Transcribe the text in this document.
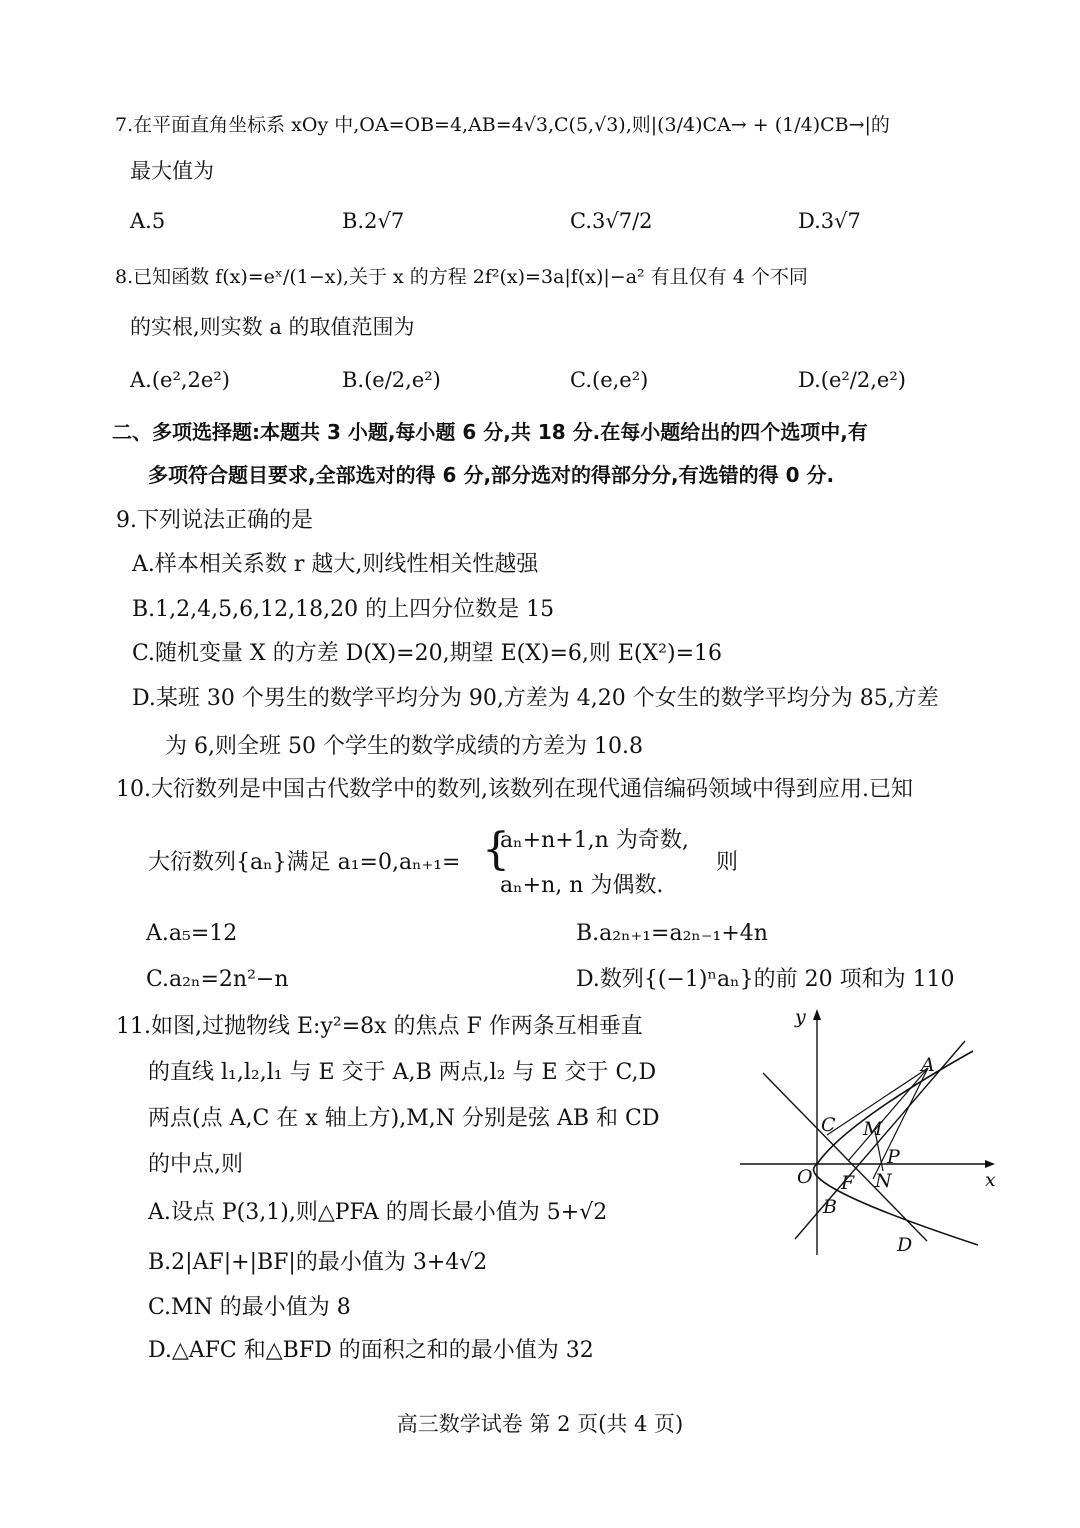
7.在平面直角坐标系 xOy 中,OA=OB=4,AB=4√3,C(5,√3),则|(3/4)CA→ + (1/4)CB→|的
最大值为
A.5	B.2√7	C.3√7/2	D.3√7
8.已知函数 f(x)=eˣ/(1−x),关于 x 的方程 2f²(x)=3a|f(x)|−a² 有且仅有 4 个不同
的实根,则实数 a 的取值范围为
A.(e²,2e²)	B.(e/2,e²)	C.(e,e²)	D.(e²/2,e²)
二、多项选择题:本题共 3 小题,每小题 6 分,共 18 分.在每小题给出的四个选项中,有
多项符合题目要求,全部选对的得 6 分,部分选对的得部分分,有选错的得 0 分.
9.下列说法正确的是
A.样本相关系数 r 越大,则线性相关性越强
B.1,2,4,5,6,12,18,20 的上四分位数是 15
C.随机变量 X 的方差 D(X)=20,期望 E(X)=6,则 E(X²)=16
D.某班 30 个男生的数学平均分为 90,方差为 4,20 个女生的数学平均分为 85,方差
为 6,则全班 50 个学生的数学成绩的方差为 10.8
10.大衍数列是中国古代数学中的数列,该数列在现代通信编码领域中得到应用.已知
大衍数列{aₙ}满足 a₁=0,aₙ₊₁= {
aₙ+n+1,n 为奇数,
aₙ+n, n 为偶数.
则
A.a₅=12	B.a₂ₙ₊₁=a₂ₙ₋₁+4n
C.a₂ₙ=2n²−n	D.数列{(−1)ⁿaₙ}的前 20 项和为 110
11.如图,过抛物线 E:y²=8x 的焦点 F 作两条互相垂直
的直线 l₁,l₂,l₁ 与 E 交于 A,B 两点,l₂ 与 E 交于 C,D
两点(点 A,C 在 x 轴上方),M,N 分别是弦 AB 和 CD
的中点,则
A.设点 P(3,1),则△PFA 的周长最小值为 5+√2
B.2|AF|+|BF|的最小值为 3+4√2
C.MN 的最小值为 8
D.△AFC 和△BFD 的面积之和的最小值为 32
y
x
O
A
B
C
D
M
N
P
F
高三数学试卷 第 2 页(共 4 页)
